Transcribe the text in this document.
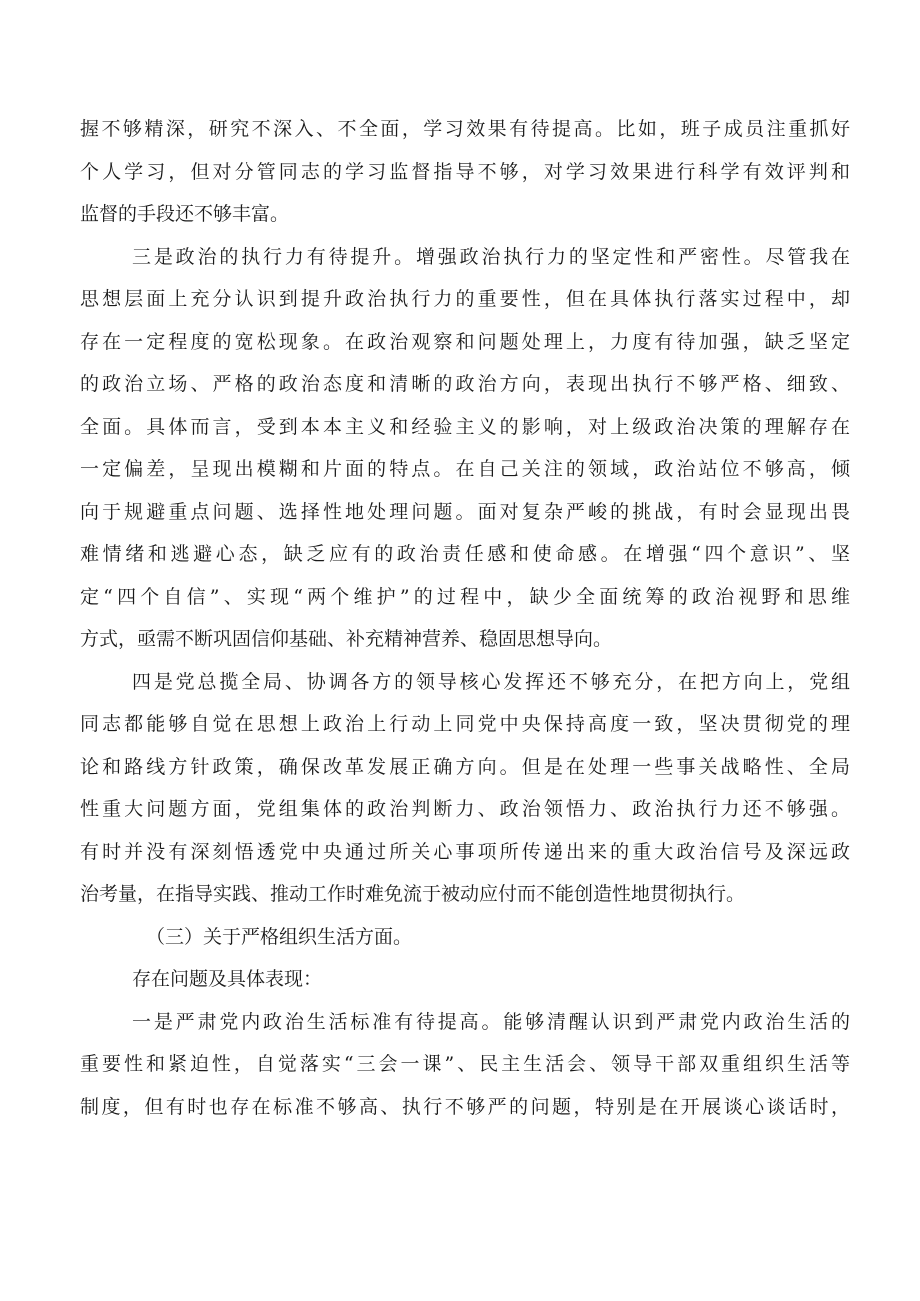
握不够精深，研究不深入、不全面，学习效果有待提高。比如，班子成员注重抓好
个人学习，但对分管同志的学习监督指导不够，对学习效果进行科学有效评判和
监督的手段还不够丰富。
三是政治的执行力有待提升。增强政治执行力的坚定性和严密性。尽管我在
思想层面上充分认识到提升政治执行力的重要性，但在具体执行落实过程中，却
存在一定程度的宽松现象。在政治观察和问题处理上，力度有待加强，缺乏坚定
的政治立场、严格的政治态度和清晰的政治方向，表现出执行不够严格、细致、
全面。具体而言，受到本本主义和经验主义的影响，对上级政治决策的理解存在
一定偏差，呈现出模糊和片面的特点。在自己关注的领域，政治站位不够高，倾
向于规避重点问题、选择性地处理问题。面对复杂严峻的挑战，有时会显现出畏
难情绪和逃避心态，缺乏应有的政治责任感和使命感。在增强“四个意识”、坚
定“四个自信”、实现“两个维护”的过程中，缺少全面统筹的政治视野和思维
方式，亟需不断巩固信仰基础、补充精神营养、稳固思想导向。
四是党总揽全局、协调各方的领导核心发挥还不够充分，在把方向上，党组
同志都能够自觉在思想上政治上行动上同党中央保持高度一致，坚决贯彻党的理
论和路线方针政策，确保改革发展正确方向。但是在处理一些事关战略性、全局
性重大问题方面，党组集体的政治判断力、政治领悟力、政治执行力还不够强。
有时并没有深刻悟透党中央通过所关心事项所传递出来的重大政治信号及深远政
治考量，在指导实践、推动工作时难免流于被动应付而不能创造性地贯彻执行。
（三）关于严格组织生活方面。
存在问题及具体表现：
一是严肃党内政治生活标准有待提高。能够清醒认识到严肃党内政治生活的
重要性和紧迫性，自觉落实“三会一课”、民主生活会、领导干部双重组织生活等
制度，但有时也存在标准不够高、执行不够严的问题，特别是在开展谈心谈话时，
